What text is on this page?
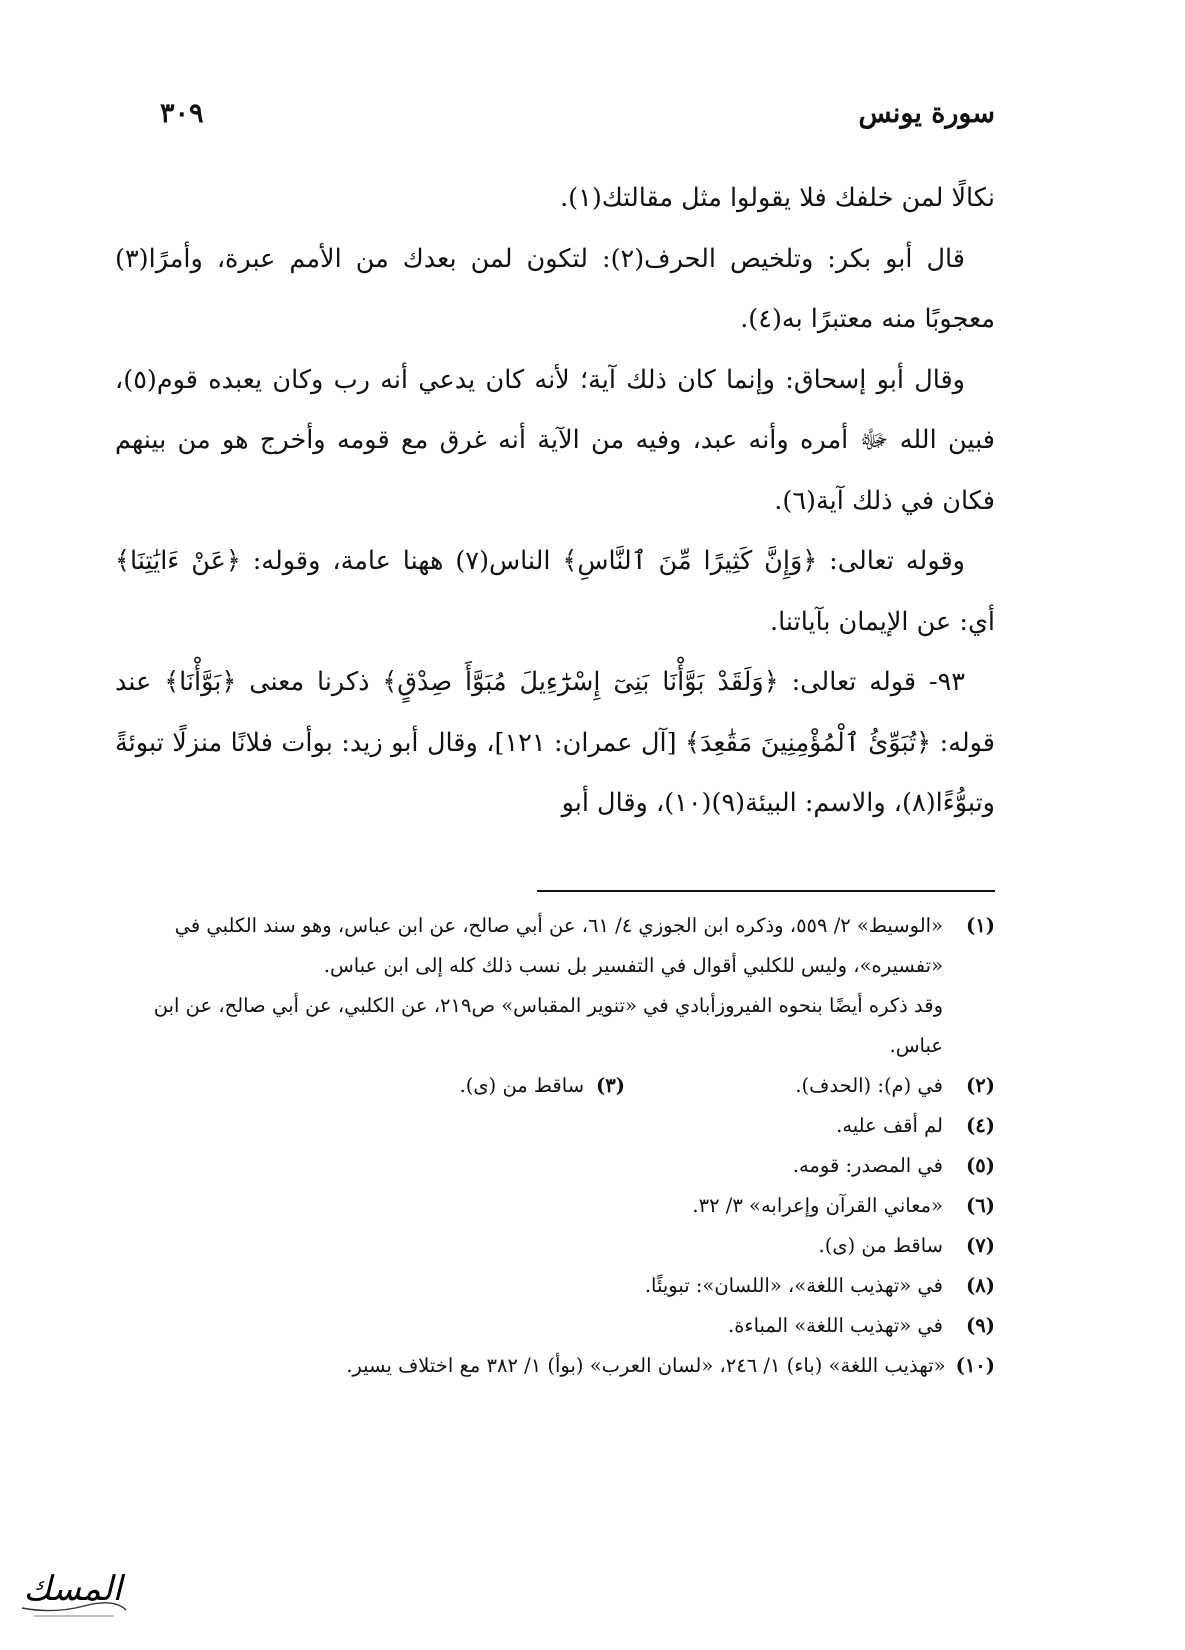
سورة يونس
٣٠٩

نكالًا لمن خلفك فلا يقولوا مثل مقالتك(١).

قال أبو بكر: وتلخيص الحرف(٢): لتكون لمن بعدك من الأمم عبرة، وأمرًا(٣) معجوبًا منه معتبرًا به(٤).

وقال أبو إسحاق: وإنما كان ذلك آية؛ لأنه كان يدعي أنه رب وكان يعبده قوم(٥)، فبين الله ﷻ أمره وأنه عبد، وفيه من الآية أنه غرق مع قومه وأخرج هو من بينهم فكان في ذلك آية(٦).

وقوله تعالى: ﴿وَإِنَّ كَثِيرًا مِّنَ ٱلنَّاسِ﴾ الناس(٧) ههنا عامة، وقوله: ﴿عَنْ ءَايَٰتِنَا﴾ أي: عن الإيمان بآياتنا.

٩٣- قوله تعالى: ﴿وَلَقَدْ بَوَّأْنَا بَنِىٓ إِسْرَٰٓءِيلَ مُبَوَّأَ صِدْقٍ﴾ ذكرنا معنى ﴿بَوَّأْنَا﴾ عند قوله: ﴿تُبَوِّئُ ٱلْمُؤْمِنِينَ مَقَٰعِدَ﴾ [آل عمران: ١٢١]، وقال أبو زيد: بوأت فلانًا منزلًا تبوئةً وتبوُّءًا(٨)، والاسم: البيئة(٩)(١٠)، وقال أبو

(١)
«الوسيط» ٢/ ٥٥٩، وذكره ابن الجوزي ٤/ ٦١، عن أبي صالح، عن ابن عباس، وهو سند الكلبي في «تفسيره»، وليس للكلبي أقوال في التفسير بل نسب ذلك كله إلى ابن عباس.
وقد ذكره أيضًا بنحوه الفيروزأبادي في «تنوير المقباس» ص٢١٩، عن الكلبي، عن أبي صالح، عن ابن عباس.
(٢)
في (م): (الحدف).
(٣)ساقط من (ى).
(٤)
لم أقف عليه.
(٥)
في المصدر: قومه.
(٦)
«معاني القرآن وإعرابه» ٣/ ٣٢.
(٧)
ساقط من (ى).
(٨)
في «تهذيب اللغة»، «اللسان»: تبويئًا.
(٩)
في «تهذيب اللغة» المباءة.
(١٠)«تهذيب اللغة» (باء) ١/ ٢٤٦، «لسان العرب» (بوأ) ١/ ٣٨٢ مع اختلاف يسير.
المسك
